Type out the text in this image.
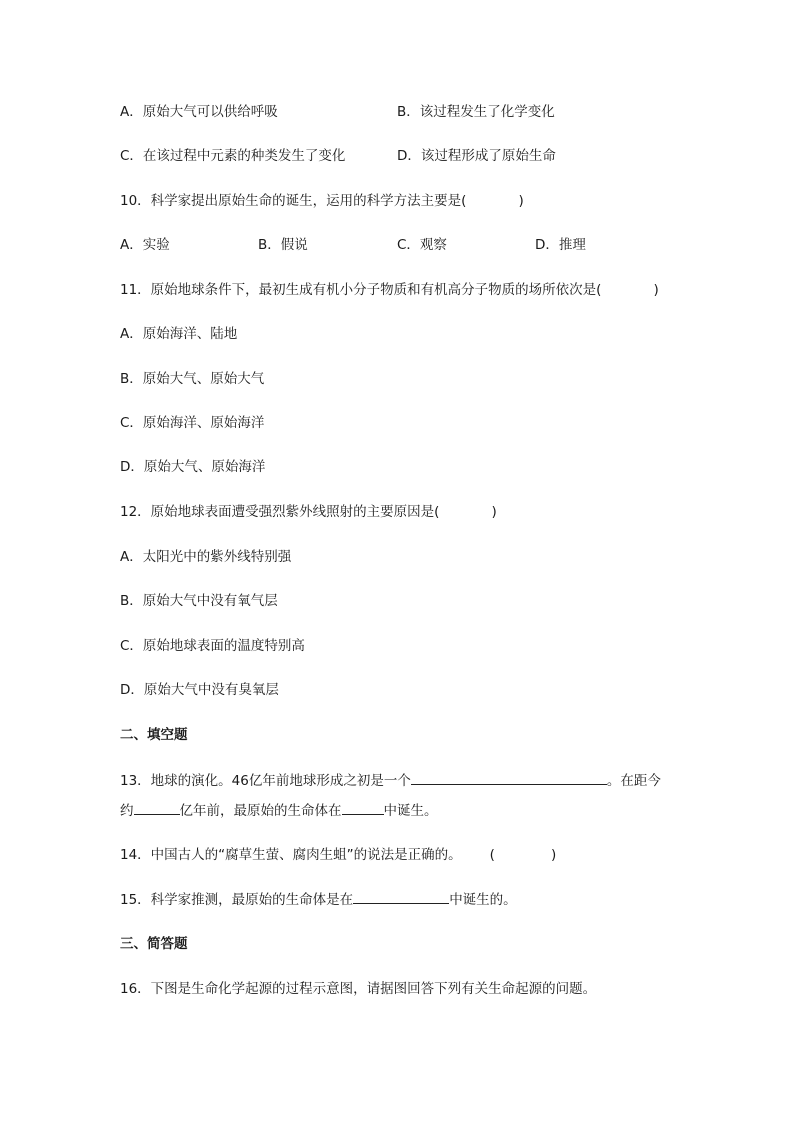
A．原始大气可以供给呼吸	B．该过程发生了化学变化
C．在该过程中元素的种类发生了变化	D．该过程形成了原始生命
10．科学家提出原始生命的诞生，运用的科学方法主要是(	)
A．实验	B．假说	C．观察	D．推理
11．原始地球条件下，最初生成有机小分子物质和有机高分子物质的场所依次是(	)
A．原始海洋、陆地
B．原始大气、原始大气
C．原始海洋、原始海洋
D．原始大气、原始海洋
12．原始地球表面遭受强烈紫外线照射的主要原因是(	)
A．太阳光中的紫外线特别强
B．原始大气中没有氧气层
C．原始地球表面的温度特别高
D．原始大气中没有臭氧层
二、填空题
13．地球的演化。46亿年前地球形成之初是一个	。在距今
约	亿年前，最原始的生命体在	中诞生。
14．中国古人的“腐草生萤、腐肉生蛆”的说法是正确的。 (	)
15．科学家推测，最原始的生命体是在	中诞生的。
三、简答题
16．下图是生命化学起源的过程示意图，请据图回答下列有关生命起源的问题。
